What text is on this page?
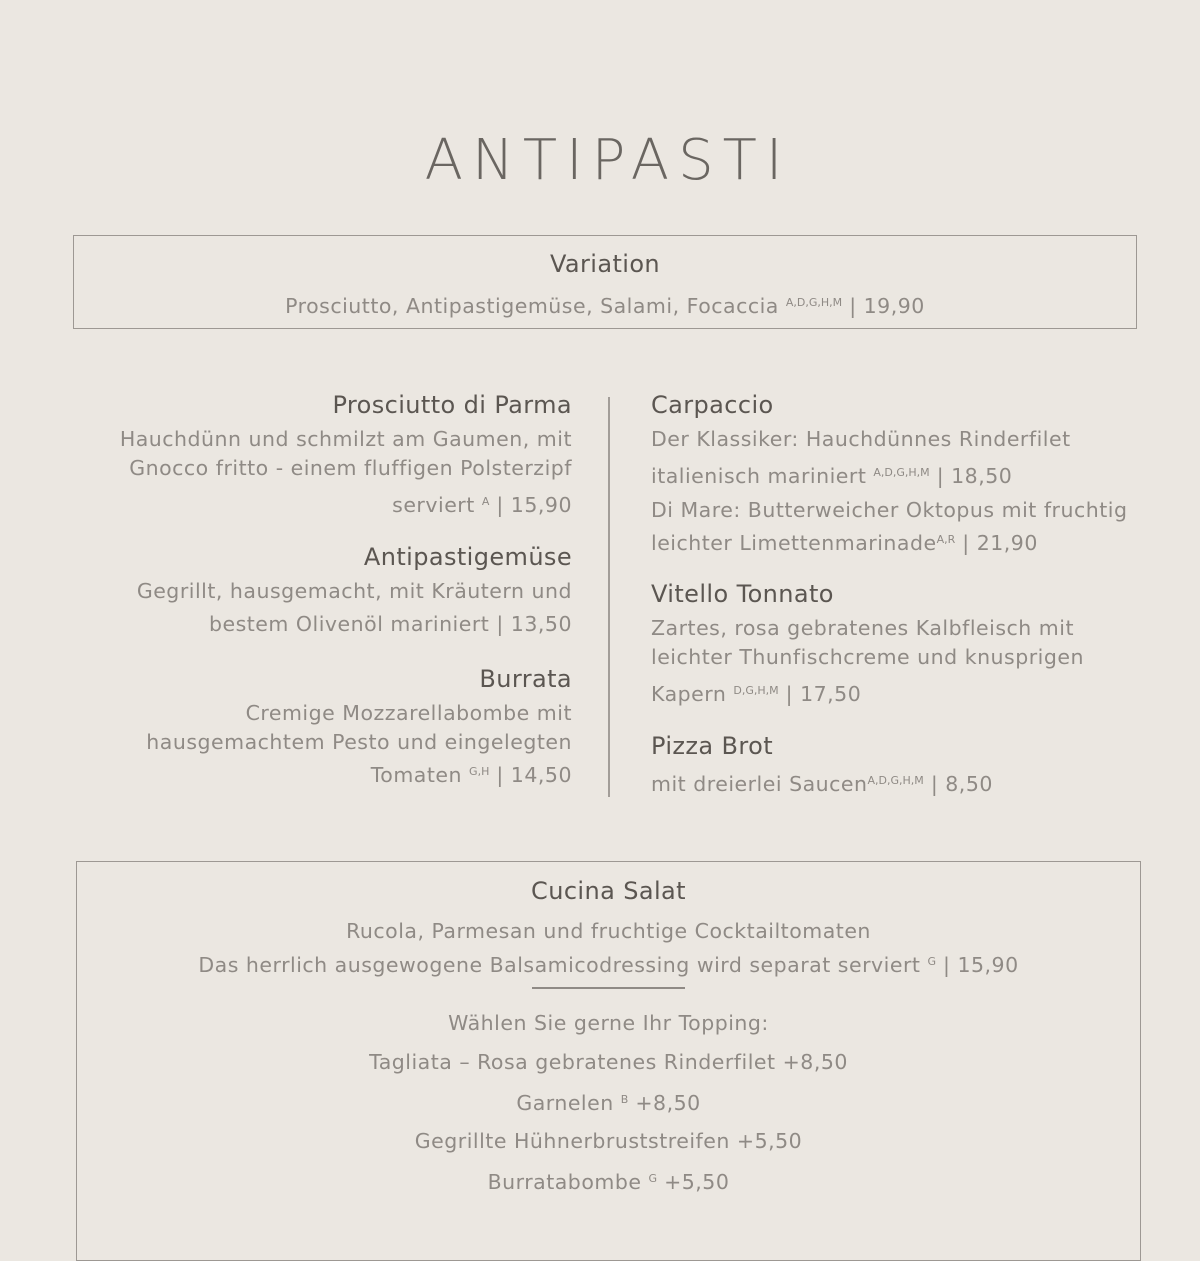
ANTIPASTI
Variation
Prosciutto, Antipastigemüse, Salami, Focaccia $^{A,D,G,H,M}$ | 19,90
Prosciutto di Parma
Hauchdünn und schmilzt am Gaumen, mit
Gnocco fritto - einem fluffigen Polsterzipf
serviert $^A$ | 15,90
Antipastigemüse
Gegrillt, hausgemacht, mit Kräutern und
bestem Olivenöl mariniert | 13,50
Burrata
Cremige Mozzarellabombe mit
hausgemachtem Pesto und eingelegten
Tomaten $^{G,H}$ | 14,50
Carpaccio
Der Klassiker: Hauchdünnes Rinderfilet
italienisch mariniert $^{A,D,G,H,M}$ | 18,50
Di Mare: Butterweicher Oktopus mit fruchtig
leichter Limettenmarinade$^{A,R}$ | 21,90
Vitello Tonnato
Zartes, rosa gebratenes Kalbfleisch mit
leichter Thunfischcreme und knusprigen
Kapern $^{D,G,H,M}$ | 17,50
Pizza Brot
mit dreierlei Saucen$^{A,D,G,H,M}$ | 8,50
Cucina Salat
Rucola, Parmesan und fruchtige Cocktailtomaten
Das herrlich ausgewogene Balsamicodressing wird separat serviert $^G$ | 15,90
Wählen Sie gerne Ihr Topping:
Tagliata – Rosa gebratenes Rinderfilet +8,50
Garnelen $^B$ +8,50
Gegrillte Hühnerbruststreifen +5,50
Burratabombe $^G$ +5,50
